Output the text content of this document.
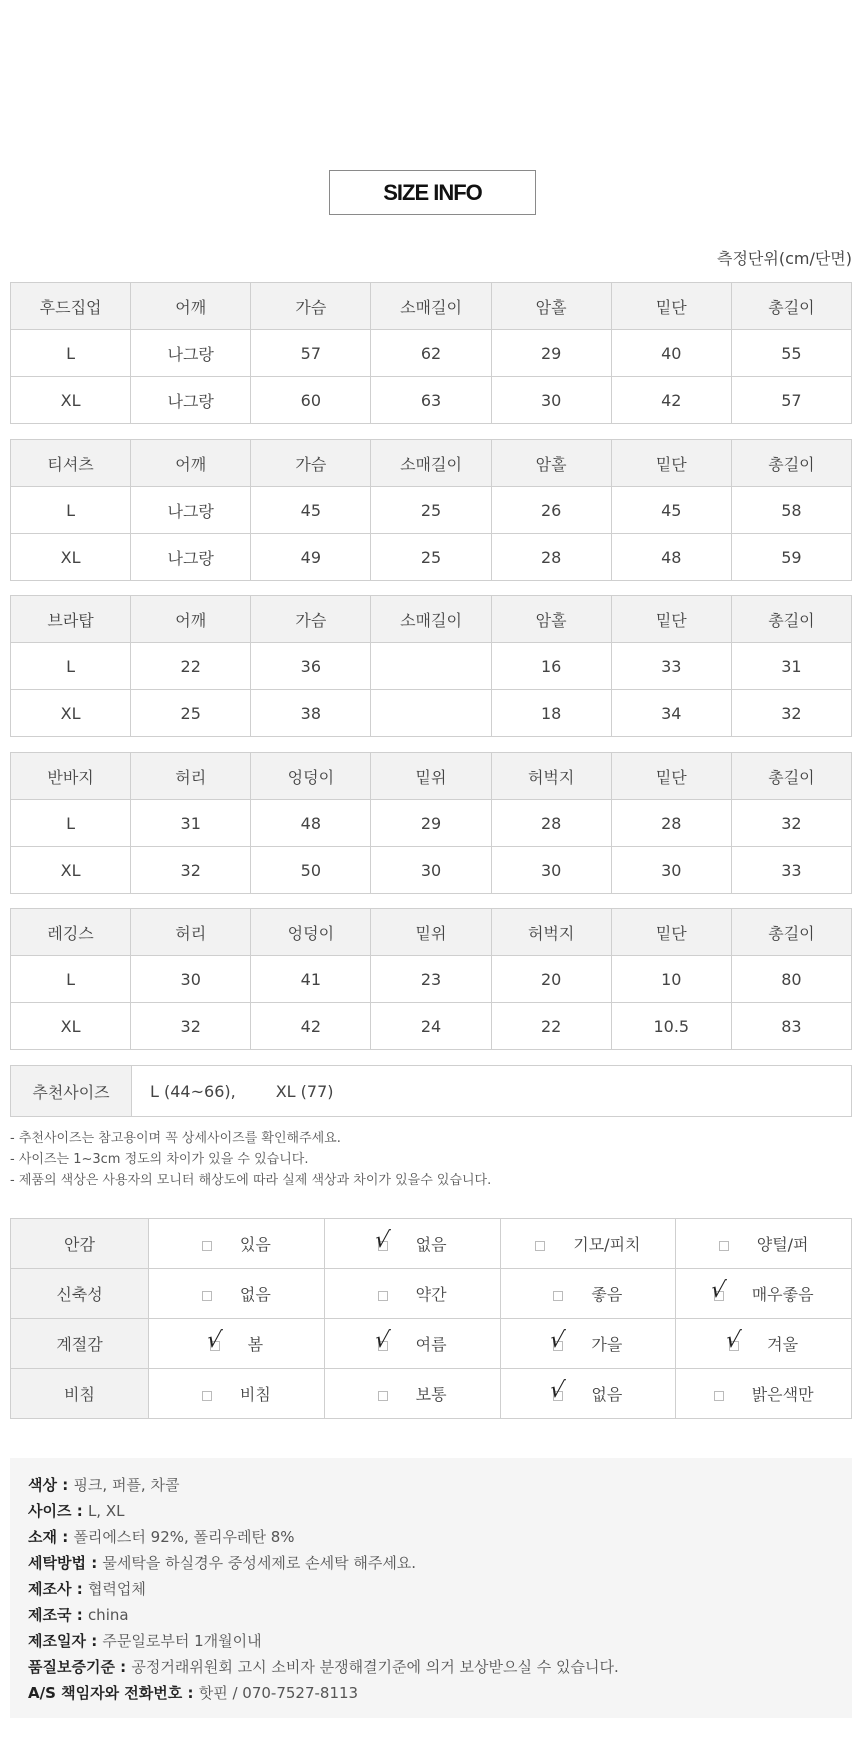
SIZE INFO
측정단위(cm/단면)
후드집업	어깨	가슴	소매길이	암홀	밑단	총길이
L	나그랑	57	62	29	40	55
XL	나그랑	60	63	30	42	57
티셔츠	어깨	가슴	소매길이	암홀	밑단	총길이
L	나그랑	45	25	26	45	58
XL	나그랑	49	25	28	48	59
브라탑	어깨	가슴	소매길이	암홀	밑단	총길이
L	22	36		16	33	31
XL	25	38		18	34	32
반바지	허리	엉덩이	밑위	허벅지	밑단	총길이
L	31	48	29	28	28	32
XL	32	50	30	30	30	33
레깅스	허리	엉덩이	밑위	허벅지	밑단	총길이
L	30	41	23	20	10	80
XL	32	42	24	22	10.5	83
추천사이즈	L (44~66),	XL (77)
- 추천사이즈는 참고용이며 꼭 상세사이즈를 확인해주세요.
- 사이즈는 1~3cm 정도의 차이가 있을 수 있습니다.
- 제품의 색상은 사용자의 모니터 해상도에 따라 실제 색상과 차이가 있을수 있습니다.
안감	있음	√ 없음	기모/피치	양털/퍼
신축성	없음	약간	좋음	√ 매우좋음
계절감	√ 봄	√ 여름	√ 가을	√ 겨울
비침	비침	보통	√ 없음	밝은색만
색상 : 핑크, 퍼플, 차콜
사이즈 : L, XL
소재 : 폴리에스터 92%, 폴리우레탄 8%
세탁방법 : 물세탁을 하실경우 중성세제로 손세탁 해주세요.
제조사 : 협력업체
제조국 : china
제조일자 : 주문일로부터 1개월이내
품질보증기준 : 공정거래위원회 고시 소비자 분쟁해결기준에 의거 보상받으실 수 있습니다.
A/S 책임자와 전화번호 : 핫핀 / 070-7527-8113
